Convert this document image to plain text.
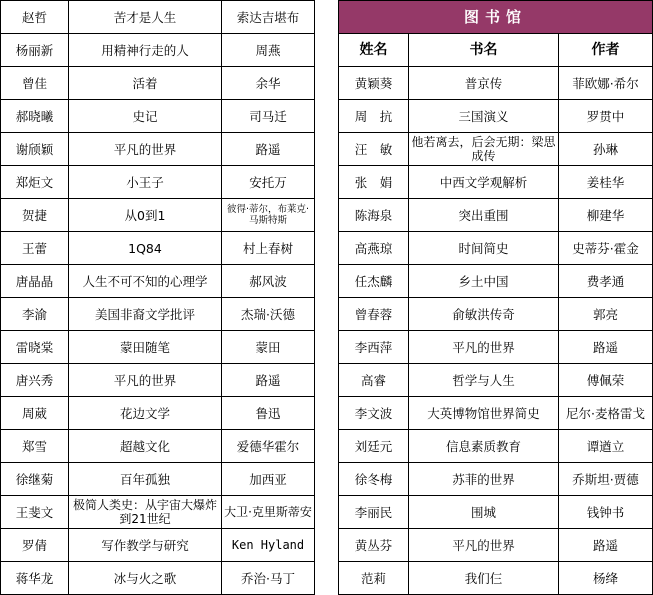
赵哲	苦才是人生	索达吉堪布
杨丽新	用精神行走的人	周燕
曾佳	活着	余华
郝晓曦	史记	司马迁
谢颀颖	平凡的世界	路遥
郑炬文	小王子	安托万
贺捷	从0到1	彼得·蒂尔，布莱克·马斯特斯
王蕾	1Q84	村上春树
唐晶晶	人生不可不知的心理学	郝风波
李渝	美国非裔文学批评	杰瑞·沃德
雷晓棠	蒙田随笔	蒙田
唐兴秀	平凡的世界	路遥
周葳	花边文学	鲁迅
郑雪	超越文化	爱德华霍尔
徐继菊	百年孤独	加西亚
王斐文	极简人类史：从宇宙大爆炸到21世纪	大卫·克里斯蒂安
罗倩	写作教学与研究	Ken Hyland
蒋华龙	冰与火之歌	乔治·马丁
图书馆		
姓名	书名	作者
黄颖葵	普京传	菲欧娜·希尔
周　抗	三国演义	罗贯中
汪　敏	他若离去，后会无期：梁思成传	孙琳
张　娟	中西文学观解析	姜桂华
陈海泉	突出重围	柳建华
高燕琼	时间简史	史蒂芬·霍金
任杰麟	乡土中国	费孝通
曾春蓉	俞敏洪传奇	郭亮
李西萍	平凡的世界	路遥
高睿	哲学与人生	傅佩荣
李文波	大英博物馆世界简史	尼尔·麦格雷戈
刘廷元	信息素质教育	谭遒立
徐冬梅	苏菲的世界	乔斯坦·贾德
李丽民	围城	钱钟书
黄丛芬	平凡的世界	路遥
范莉	我们仨	杨绛
